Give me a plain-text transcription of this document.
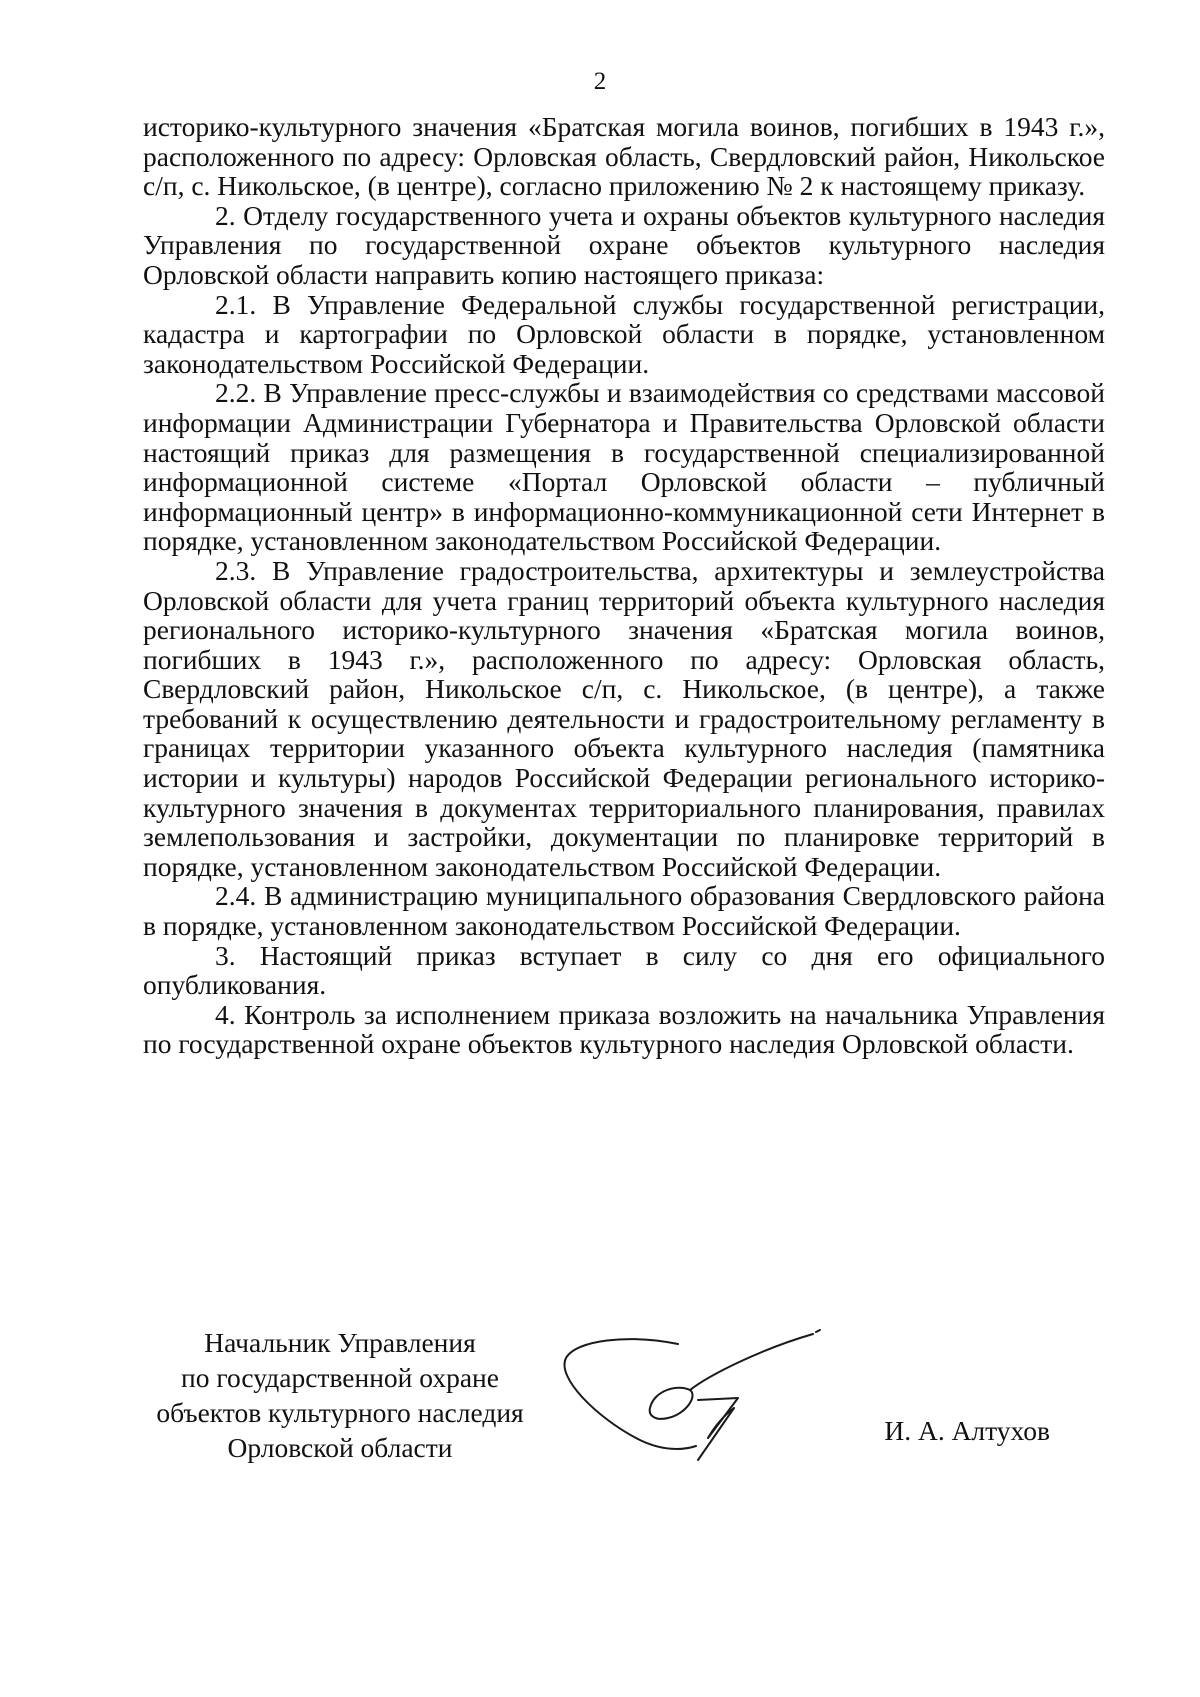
2

историко-культурного значения «Братская могила воинов, погибших в 1943 г.», расположенного по адресу: Орловская область, Свердловский район, Никольское с/п, с. Никольское, (в центре), согласно приложению № 2 к настоящему приказу.

2. Отделу государственного учета и охраны объектов культурного наследия Управления по государственной охране объектов культурного наследия Орловской области направить копию настоящего приказа:

2.1. В Управление Федеральной службы государственной регистрации, кадастра и картографии по Орловской области в порядке, установленном законодательством Российской Федерации.

2.2. В Управление пресс-службы и взаимодействия со средствами массовой информации Администрации Губернатора и Правительства Орловской области настоящий приказ для размещения в государственной специализированной информационной системе «Портал Орловской области – публичный информационный центр» в информационно-коммуникационной сети Интернет в порядке, установленном законодательством Российской Федерации.

2.3. В Управление градостроительства, архитектуры и землеустройства Орловской области для учета границ территорий объекта культурного наследия регионального историко-культурного значения «Братская могила воинов, погибших в 1943 г.», расположенного по адресу: Орловская область, Свердловский район, Никольское с/п, с. Никольское, (в центре), а также требований к осуществлению деятельности и градостроительному регламенту в границах территории указанного объекта культурного наследия (памятника истории и культуры) народов Российской Федерации регионального историко-культурного значения в документах территориального планирования, правилах землепользования и застройки, документации по планировке территорий в порядке, установленном законодательством Российской Федерации.

2.4. В администрацию муниципального образования Свердловского района в порядке, установленном законодательством Российской Федерации.

3. Настоящий приказ вступает в силу со дня его официального опубликования.

4. Контроль за исполнением приказа возложить на начальника Управления по государственной охране объектов культурного наследия Орловской области.

Начальник Управления
по государственной охране
объектов культурного наследия
Орловской области
И. А. Алтухов
